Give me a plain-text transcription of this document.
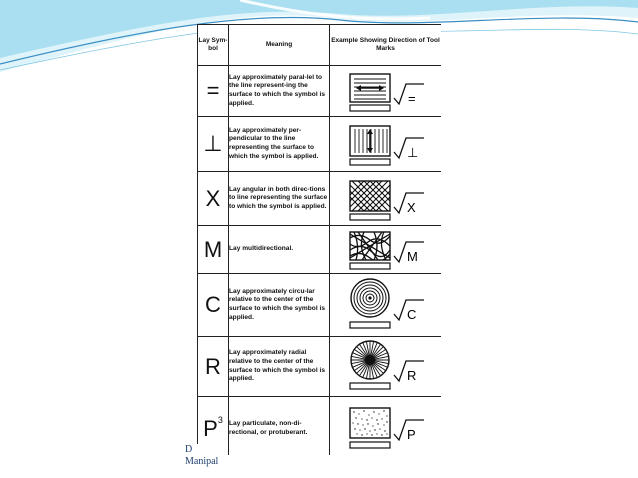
Lay Sym-bol	Meaning	Example Showing Direction of Tool Marks
=	Lay approximately paral-lel to the line represent-ing the surface to which the symbol is applied.	=

⊥	Lay approximately per-pendicular to the line representing the surface to which the symbol is applied.	⊥

X	Lay angular in both direc-tions to line representing the surface to which the symbol is applied.	X

M	Lay multidirectional.	M

C	Lay approximately circu-lar relative to the center of the surface to which the symbol is applied.	C

R	Lay approximately radial relative to the center of the surface to which the symbol is applied.	R

$P^3$	Lay particulate, non-di-rectional, or protuberant.	P
D
Manipal
